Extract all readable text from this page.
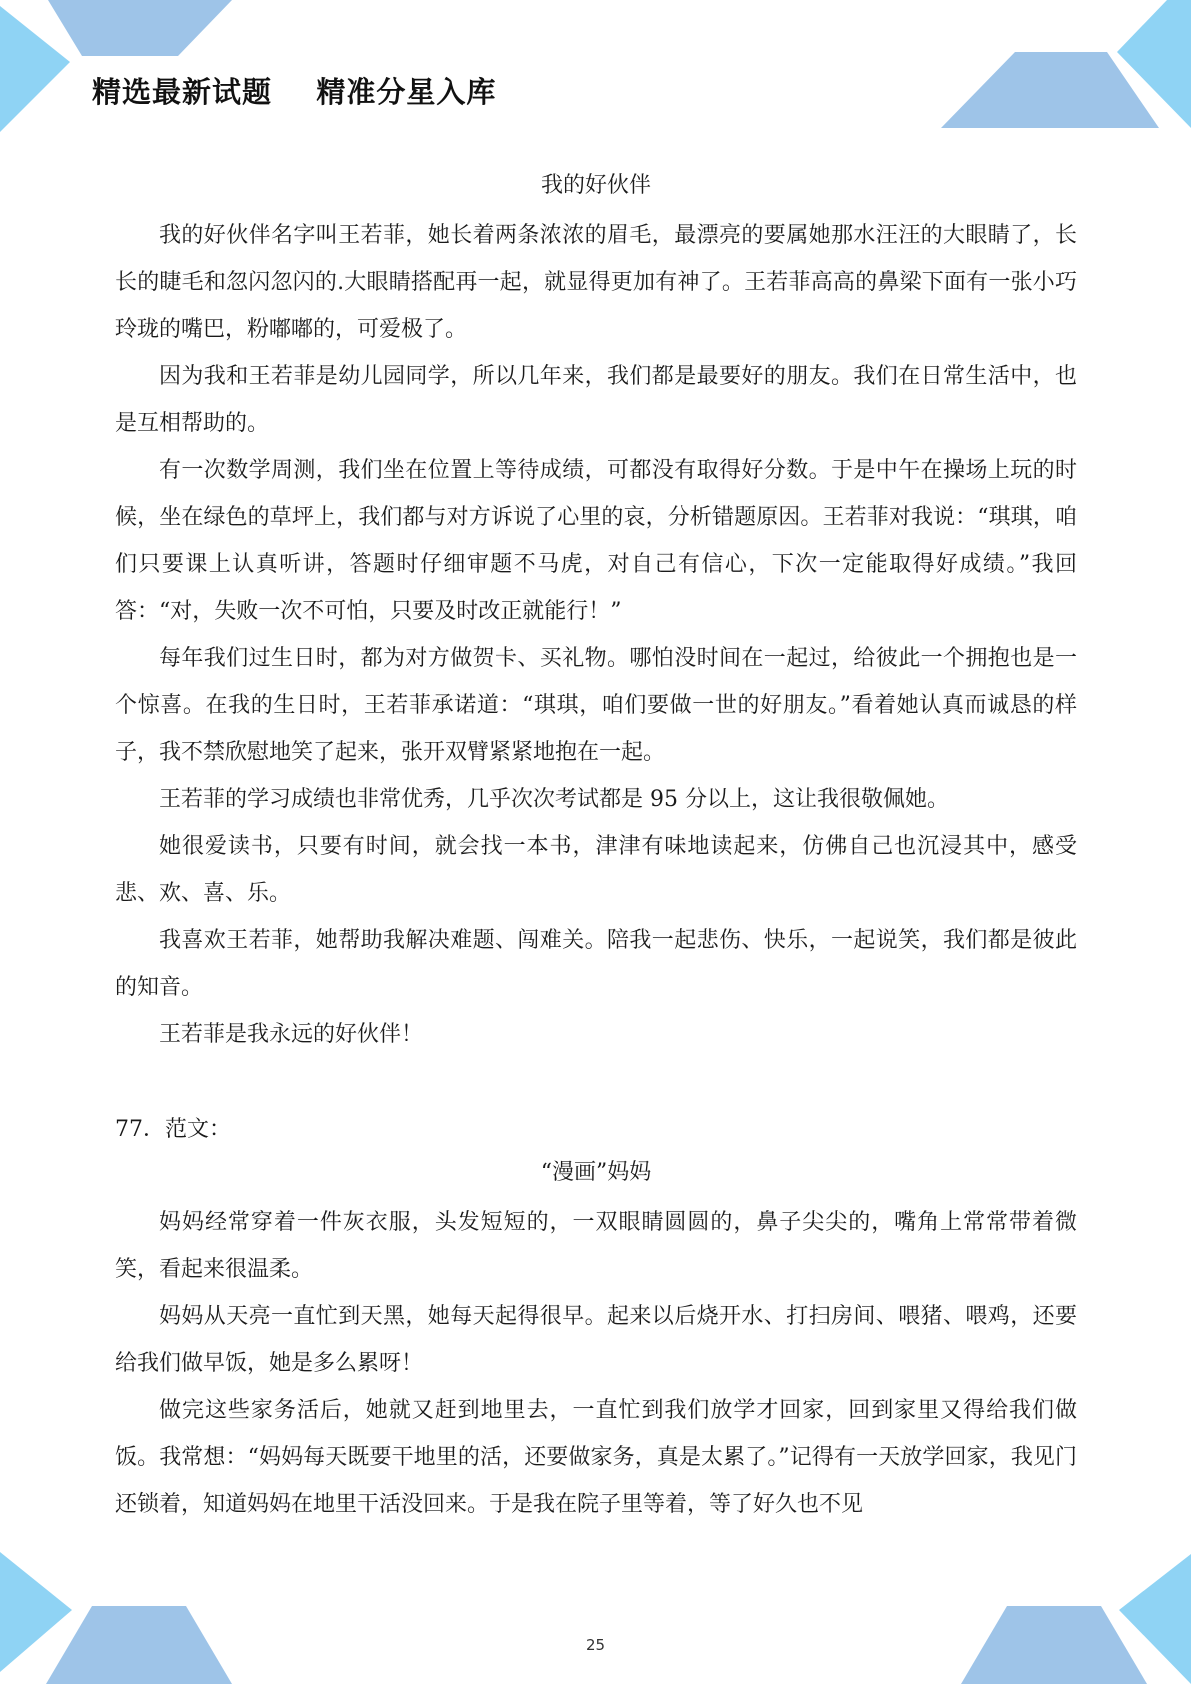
精选最新试题    精准分星入库
我的好伙伴

我的好伙伴名字叫王若菲，她长着两条浓浓的眉毛，最漂亮的要属她那水汪汪的大眼睛了，长长的睫毛和忽闪忽闪的.大眼睛搭配再一起，就显得更加有神了。王若菲高高的鼻梁下面有一张小巧玲珑的嘴巴，粉嘟嘟的，可爱极了。

因为我和王若菲是幼儿园同学，所以几年来，我们都是最要好的朋友。我们在日常生活中，也是互相帮助的。

有一次数学周测，我们坐在位置上等待成绩，可都没有取得好分数。于是中午在操场上玩的时候，坐在绿色的草坪上，我们都与对方诉说了心里的哀，分析错题原因。王若菲对我说：“琪琪，咱们只要课上认真听讲，答题时仔细审题不马虎，对自己有信心，下次一定能取得好成绩。”我回答：“对，失败一次不可怕，只要及时改正就能行！”

每年我们过生日时，都为对方做贺卡、买礼物。哪怕没时间在一起过，给彼此一个拥抱也是一个惊喜。在我的生日时，王若菲承诺道：“琪琪，咱们要做一世的好朋友。”看着她认真而诚恳的样子，我不禁欣慰地笑了起来，张开双臂紧紧地抱在一起。

王若菲的学习成绩也非常优秀，几乎次次考试都是 95 分以上，这让我很敬佩她。

她很爱读书，只要有时间，就会找一本书，津津有味地读起来，仿佛自己也沉浸其中，感受悲、欢、喜、乐。

我喜欢王若菲，她帮助我解决难题、闯难关。陪我一起悲伤、快乐，一起说笑，我们都是彼此的知音。

王若菲是我永远的好伙伴！

77．范文：

“漫画”妈妈

妈妈经常穿着一件灰衣服，头发短短的，一双眼睛圆圆的，鼻子尖尖的，嘴角上常常带着微笑，看起来很温柔。

妈妈从天亮一直忙到天黑，她每天起得很早。起来以后烧开水、打扫房间、喂猪、喂鸡，还要给我们做早饭，她是多么累呀！

做完这些家务活后，她就又赶到地里去，一直忙到我们放学才回家，回到家里又得给我们做饭。我常想：“妈妈每天既要干地里的活，还要做家务，真是太累了。”记得有一天放学回家，我见门还锁着，知道妈妈在地里干活没回来。于是我在院子里等着，等了好久也不见

25
